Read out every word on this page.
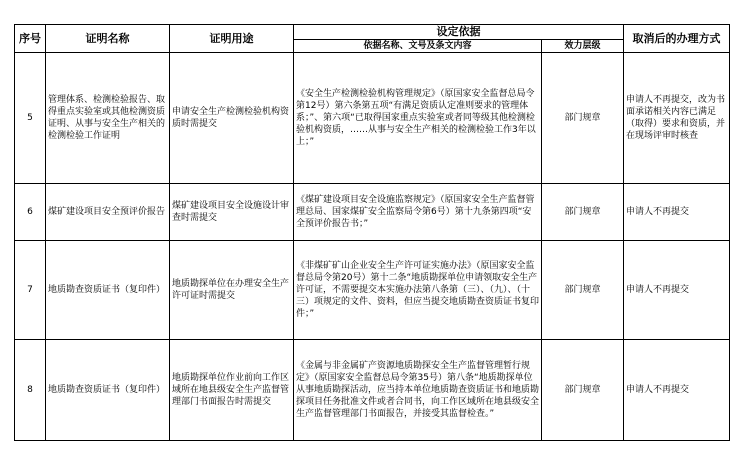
序号	证明名称	证明用途	设定依据		取消后的办理方式
			依据名称、文号及条文内容	效力层级	
5	管理体系、检测检验报告、取得重点实验室或其他检测资质证明、从事与安全生产相关的检测检验工作证明	申请安全生产检测检验机构资质时需提交	《安全生产检测检验机构管理规定》（原国家安全监督总局令第12号）第六条第五项“有满足资质认定准则要求的管理体系；”、第六项“已取得国家重点实验室或者同等级其他检测检验机构资质，……从事与安全生产相关的检测检验工作3年以上；”	部门规章	申请人不再提交，改为书面承诺相关内容已满足（取得）要求和资质，并在现场评审时核查
6	煤矿建设项目安全预评价报告	煤矿建设项目安全设施设计审查时需提交	《煤矿建设项目安全设施监察规定》（原国家安全生产监督管理总局、国家煤矿安全监察局令第6号）第十九条第四项“安全预评价报告书；”	部门规章	申请人不再提交
7	地质勘查资质证书（复印件）	地质勘探单位在办理安全生产许可证时需提交	《非煤矿矿山企业安全生产许可证实施办法》（原国家安全监督总局令第20号）第十二条“地质勘探单位申请领取安全生产许可证，不需要提交本实施办法第八条第（三）、（九）、（十三）项规定的文件、资料，但应当提交地质勘查资质证书复印件；”	部门规章	申请人不再提交
8	地质勘查资质证书（复印件）	地质勘探单位作业前向工作区域所在地县级安全生产监督管理部门书面报告时需提交	《金属与非金属矿产资源地质勘探安全生产监督管理暂行规定》（原国家安全监督总局令第35号）第八条“地质勘探单位从事地质勘探活动，应当持本单位地质勘查资质证书和地质勘探项目任务批准文件或者合同书，向工作区域所在地县级安全生产监督管理部门书面报告，并接受其监督检查。”	部门规章	申请人不再提交
